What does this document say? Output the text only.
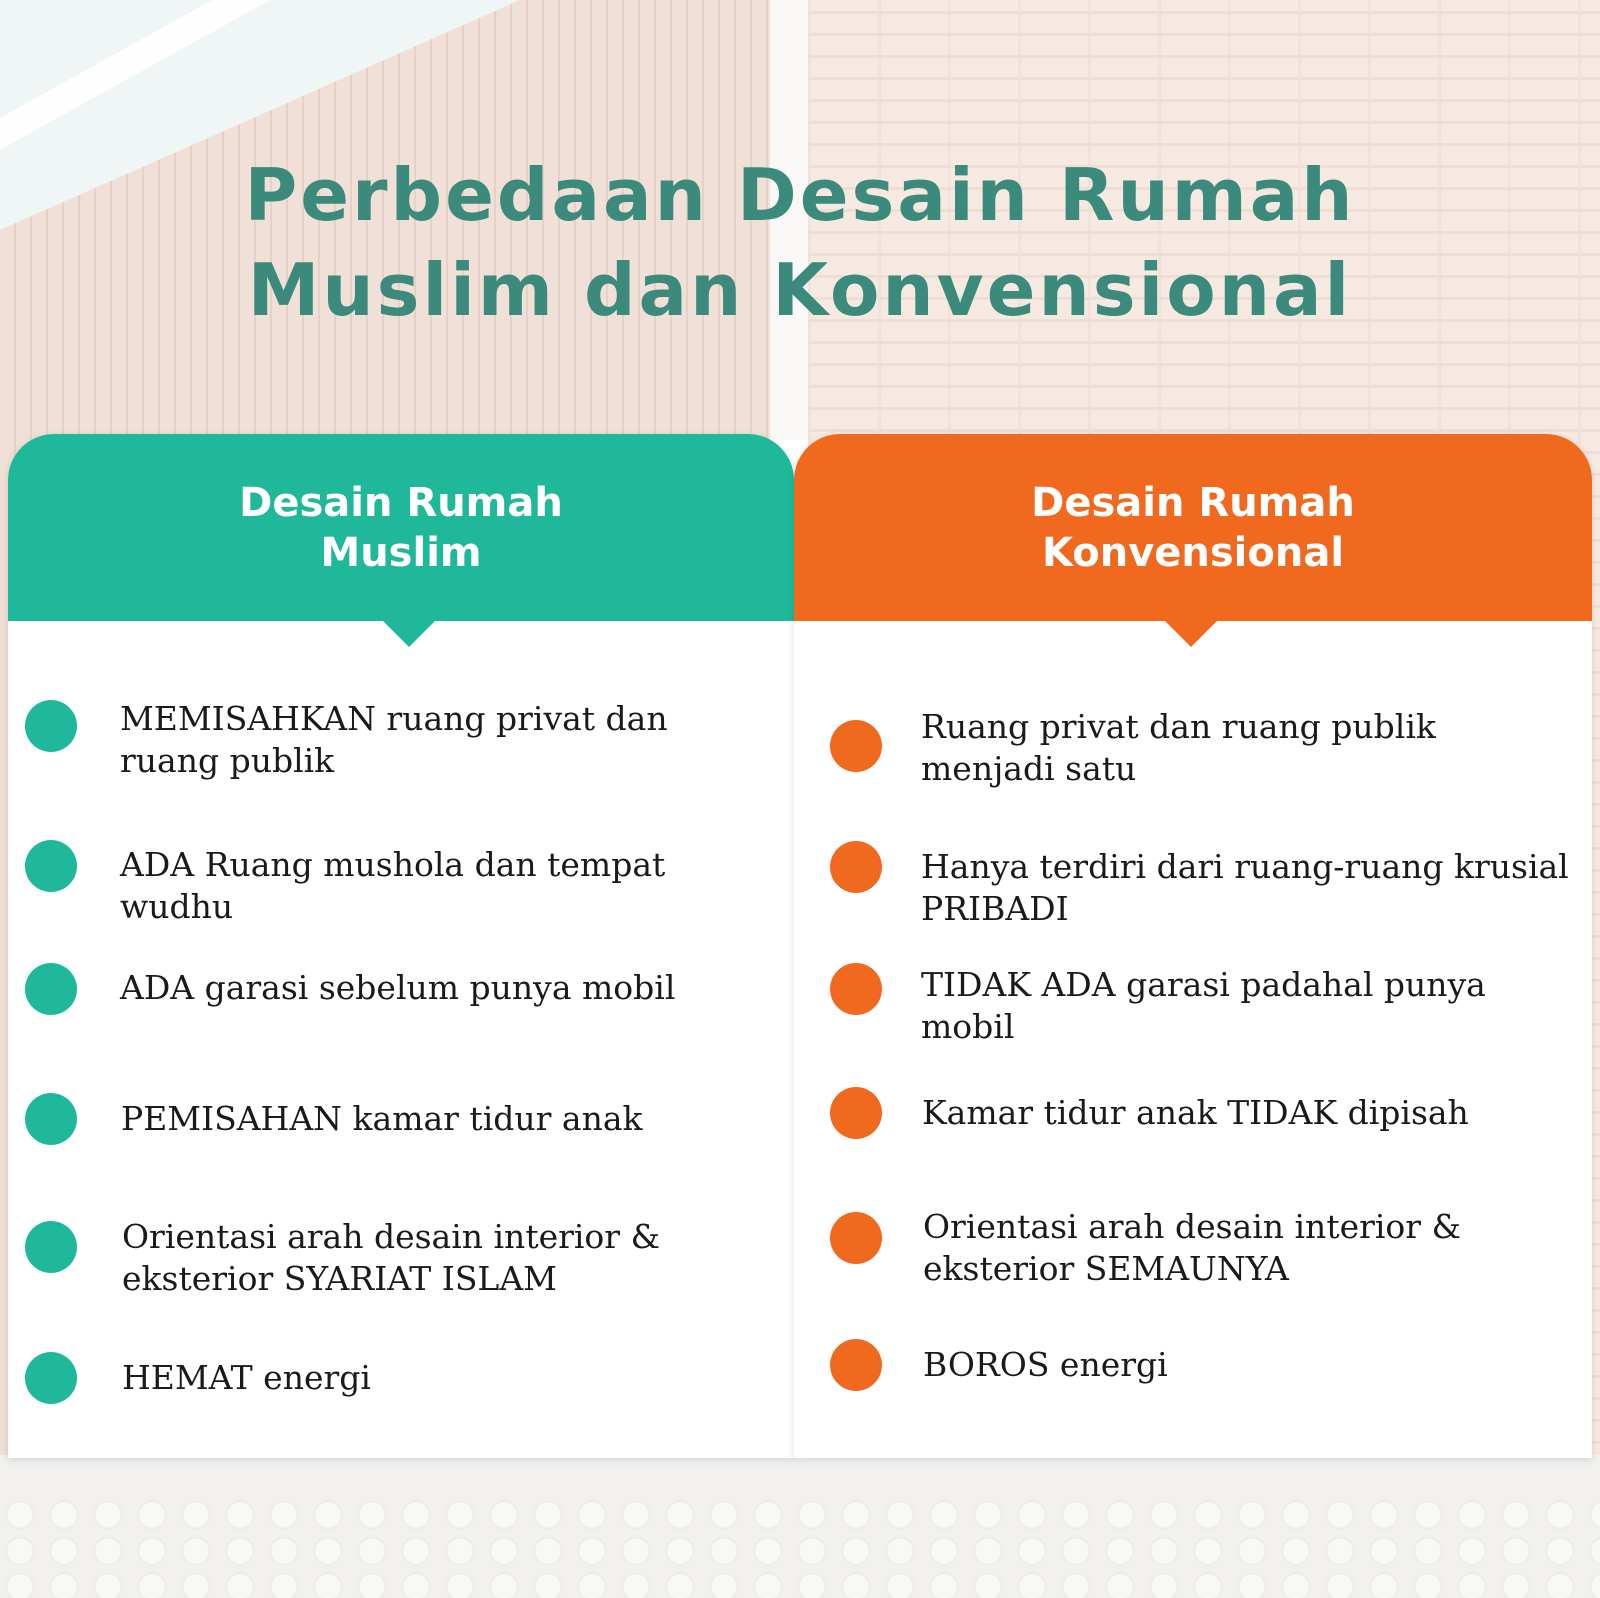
Perbedaan Desain Rumah
Muslim dan Konvensional
Desain Rumah
Muslim
MEMISAHKAN ruang privat dan ruang publik
ADA Ruang mushola dan tempat wudhu
ADA garasi sebelum punya mobil
PEMISAHAN kamar tidur anak
Orientasi arah desain interior & eksterior SYARIAT ISLAM
HEMAT energi
Desain Rumah
Konvensional
Ruang privat dan ruang publik menjadi satu
Hanya terdiri dari ruang-ruang krusial PRIBADI
TIDAK ADA garasi padahal punya mobil
Kamar tidur anak TIDAK dipisah
Orientasi arah desain interior & eksterior SEMAUNYA
BOROS energi
